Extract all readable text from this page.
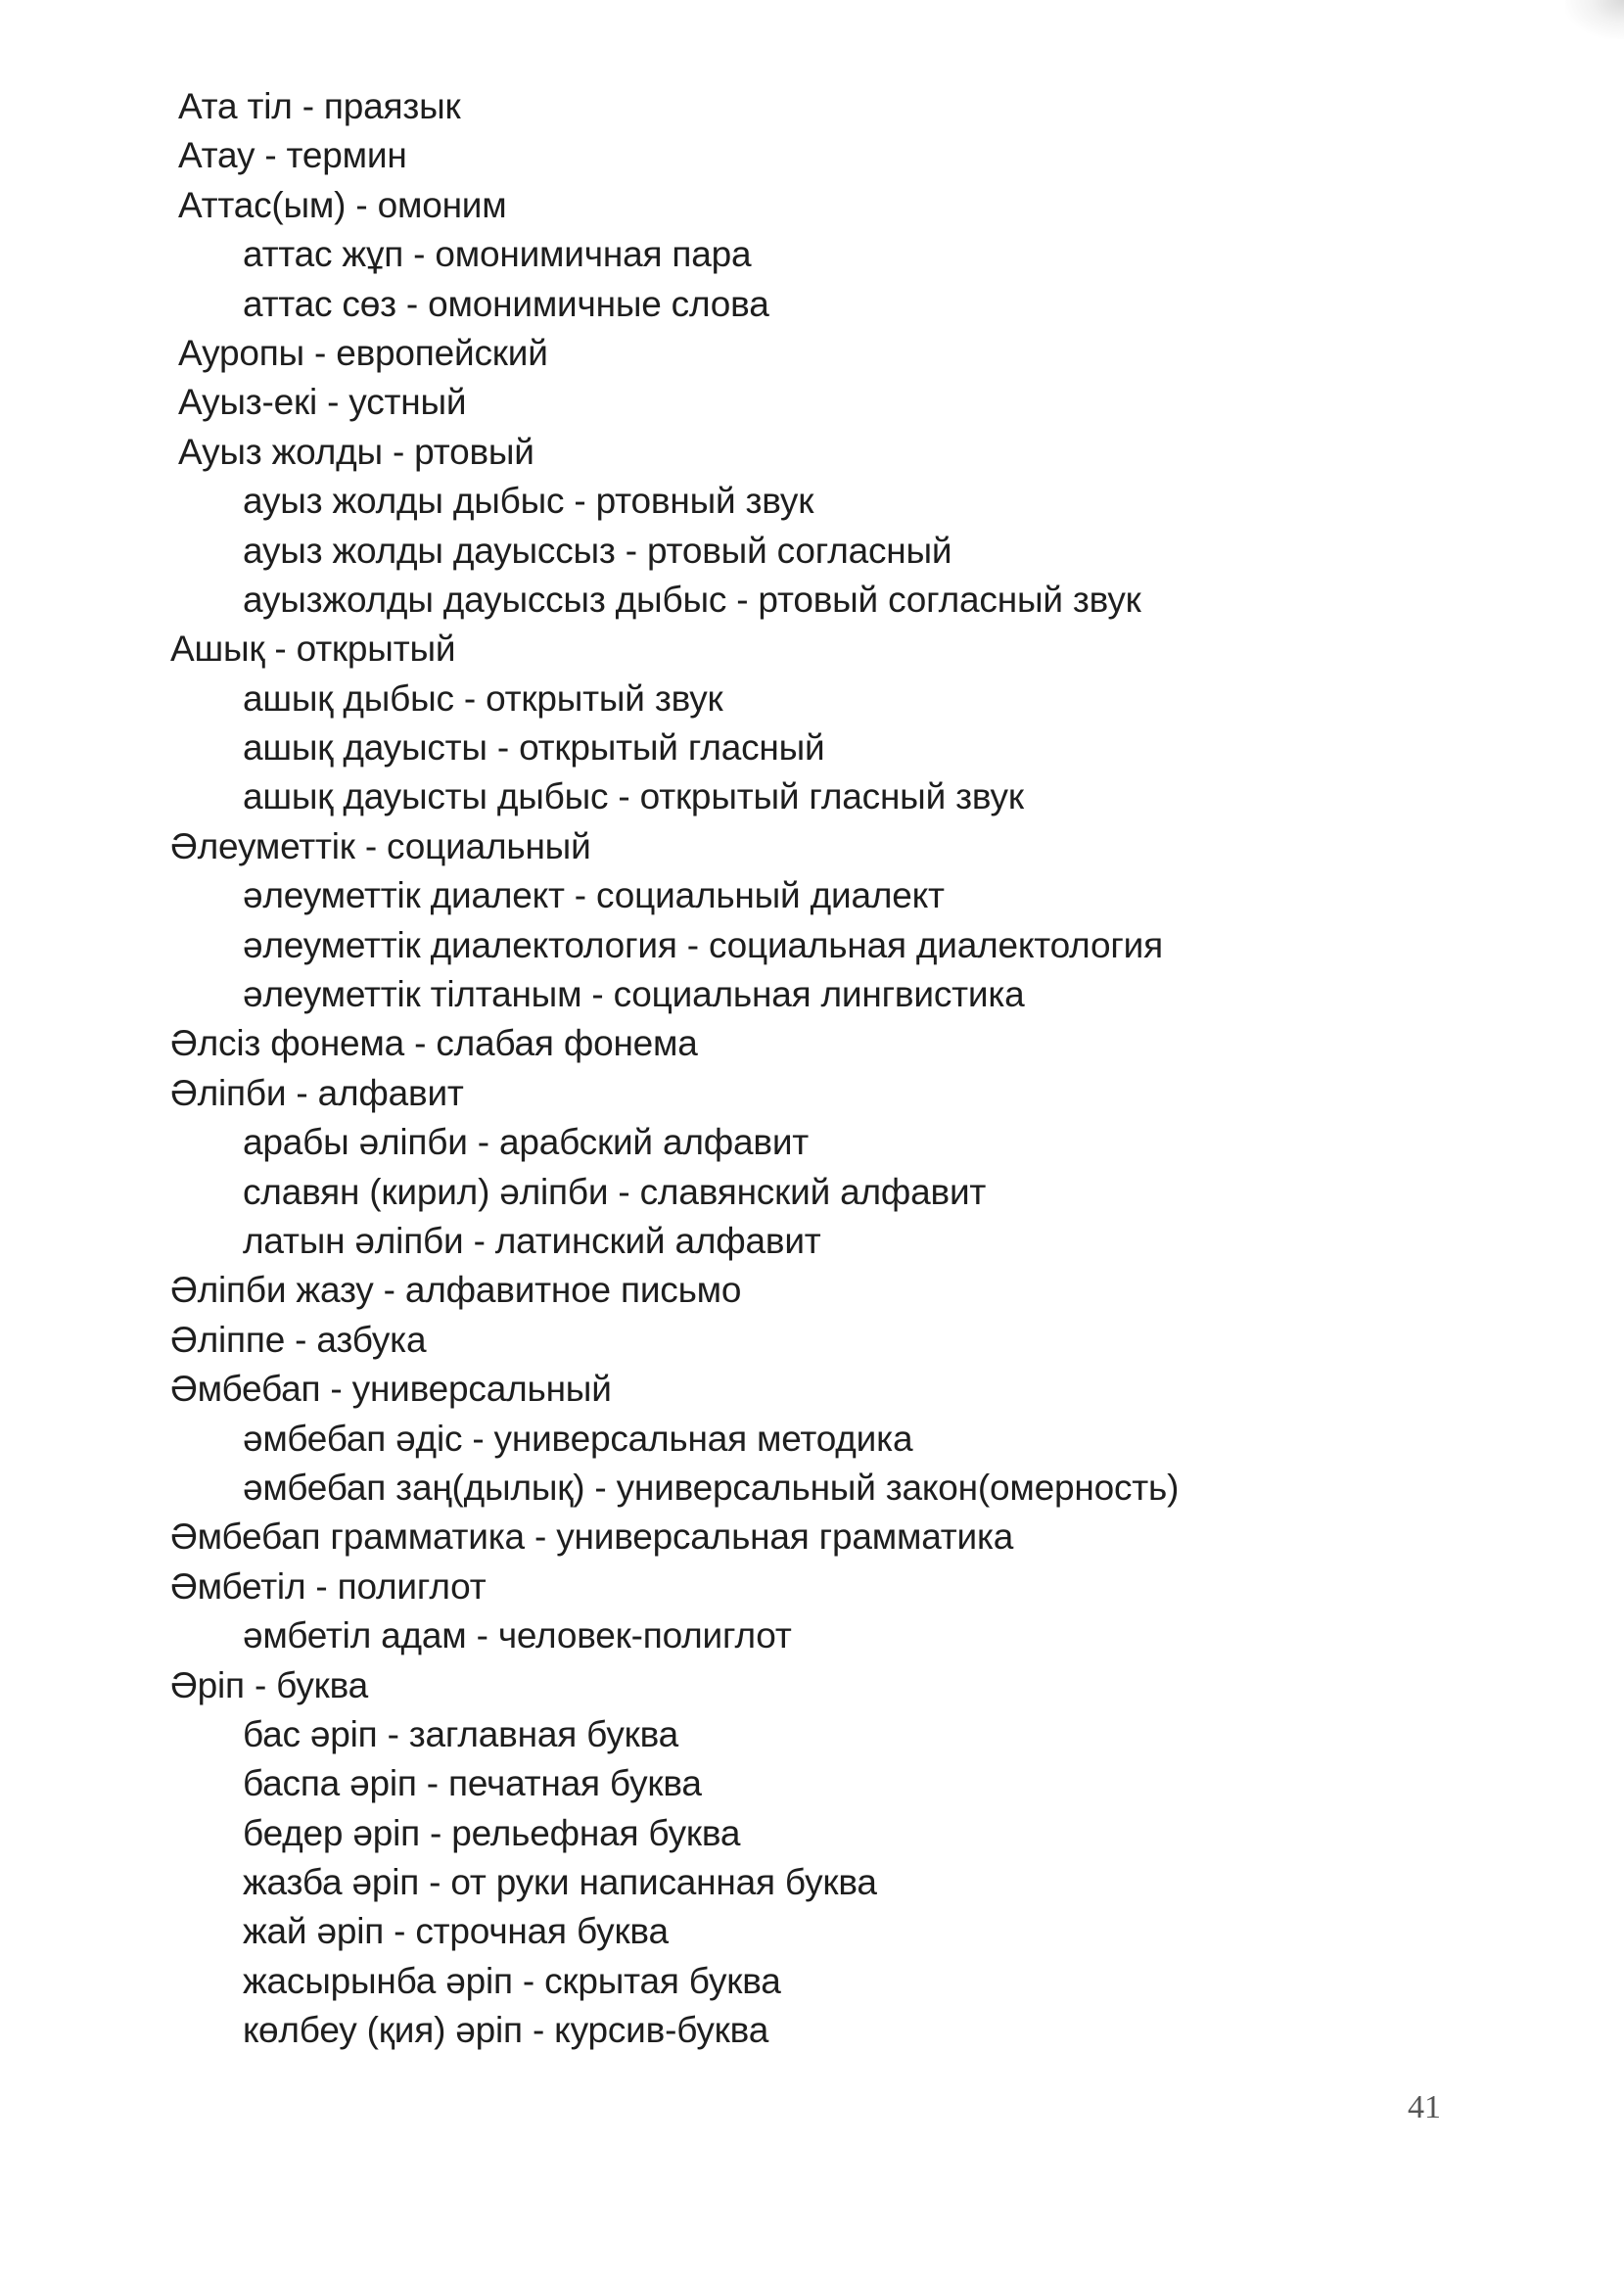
Ата тіл - праязык
Атау - термин
Аттас(ым) - омоним
аттас жұп - омонимичная пара
аттас сөз - омонимичные слова
Ауропы - европейский
Ауыз-екі - устный
Ауыз жолды - ртовый
ауыз жолды дыбыс - ртовный звук
ауыз жолды дауыссыз - ртовый согласный
ауызжолды дауыссыз дыбыс - ртовый согласный звук
Ашық - открытый
ашық дыбыс - открытый звук
ашық дауысты - открытый гласный
ашық дауысты дыбыс - открытый гласный звук
Әлеуметтік - социальный
әлеуметтік диалект - социальный диалект
әлеуметтік диалектология - социальная диалектология
әлеуметтік тілтаным - социальная лингвистика
Әлсіз фонема - слабая фонема
Әліпби - алфавит
арабы әліпби - арабский алфавит
славян (кирил) әліпби - славянский алфавит
латын әліпби - латинский алфавит
Әліпби жазу - алфавитное письмо
Әліппе - азбука
Әмбебап - универсальный
әмбебап әдіс - универсальная методика
әмбебап заң(дылық) - универсальный закон(омерность)
Әмбебап грамматика - универсальная грамматика
Әмбетіл - полиглот
әмбетіл адам - человек-полиглот
Әріп - буква
бас әріп - заглавная буква
баспа әріп - печатная буква
бедер әріп - рельефная буква
жазба әріп - от руки написанная буква
жай әріп - строчная буква
жасырынба әріп - скрытая буква
көлбеу (қия) әріп - курсив-буква
41
